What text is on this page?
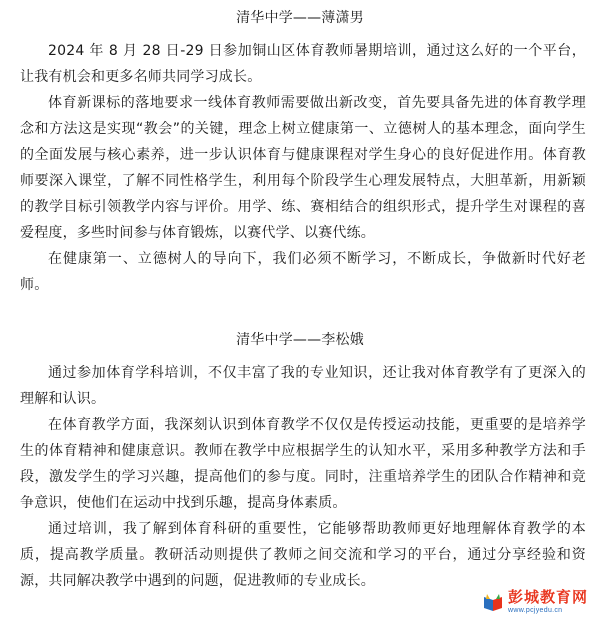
清华中学——薄潇男

2024 年 8 月 28 日-29 日参加铜山区体育教师暑期培训，通过这么好的一个平台，让我有机会和更多名师共同学习成长。

体育新课标的落地要求一线体育教师需要做出新改变，首先要具备先进的体育教学理念和方法这是实现“教会”的关键，理念上树立健康第一、立德树人的基本理念，面向学生的全面发展与核心素养，进一步认识体育与健康课程对学生身心的良好促进作用。体育教师要深入课堂，了解不同性格学生，利用每个阶段学生心理发展特点，大胆革新，用新颖的教学目标引领教学内容与评价。用学、练、赛相结合的组织形式，提升学生对课程的喜爱程度，多些时间参与体育锻炼，以赛代学、以赛代练。

在健康第一、立德树人的导向下，我们必须不断学习，不断成长，争做新时代好老师。

清华中学——李松娥

通过参加体育学科培训，不仅丰富了我的专业知识，还让我对体育教学有了更深入的理解和认识。

在体育教学方面，我深刻认识到体育教学不仅仅是传授运动技能，更重要的是培养学生的体育精神和健康意识。教师在教学中应根据学生的认知水平，采用多种教学方法和手段，激发学生的学习兴趣，提高他们的参与度。同时，注重培养学生的团队合作精神和竞争意识，使他们在运动中找到乐趣，提高身体素质。

通过培训，我了解到体育科研的重要性，它能够帮助教师更好地理解体育教学的本质，提高教学质量。教研活动则提供了教师之间交流和学习的平台，通过分享经验和资源，共同解决教学中遇到的问题，促进教师的专业成长。

彭城教育网
www.pcjyedu.cn
